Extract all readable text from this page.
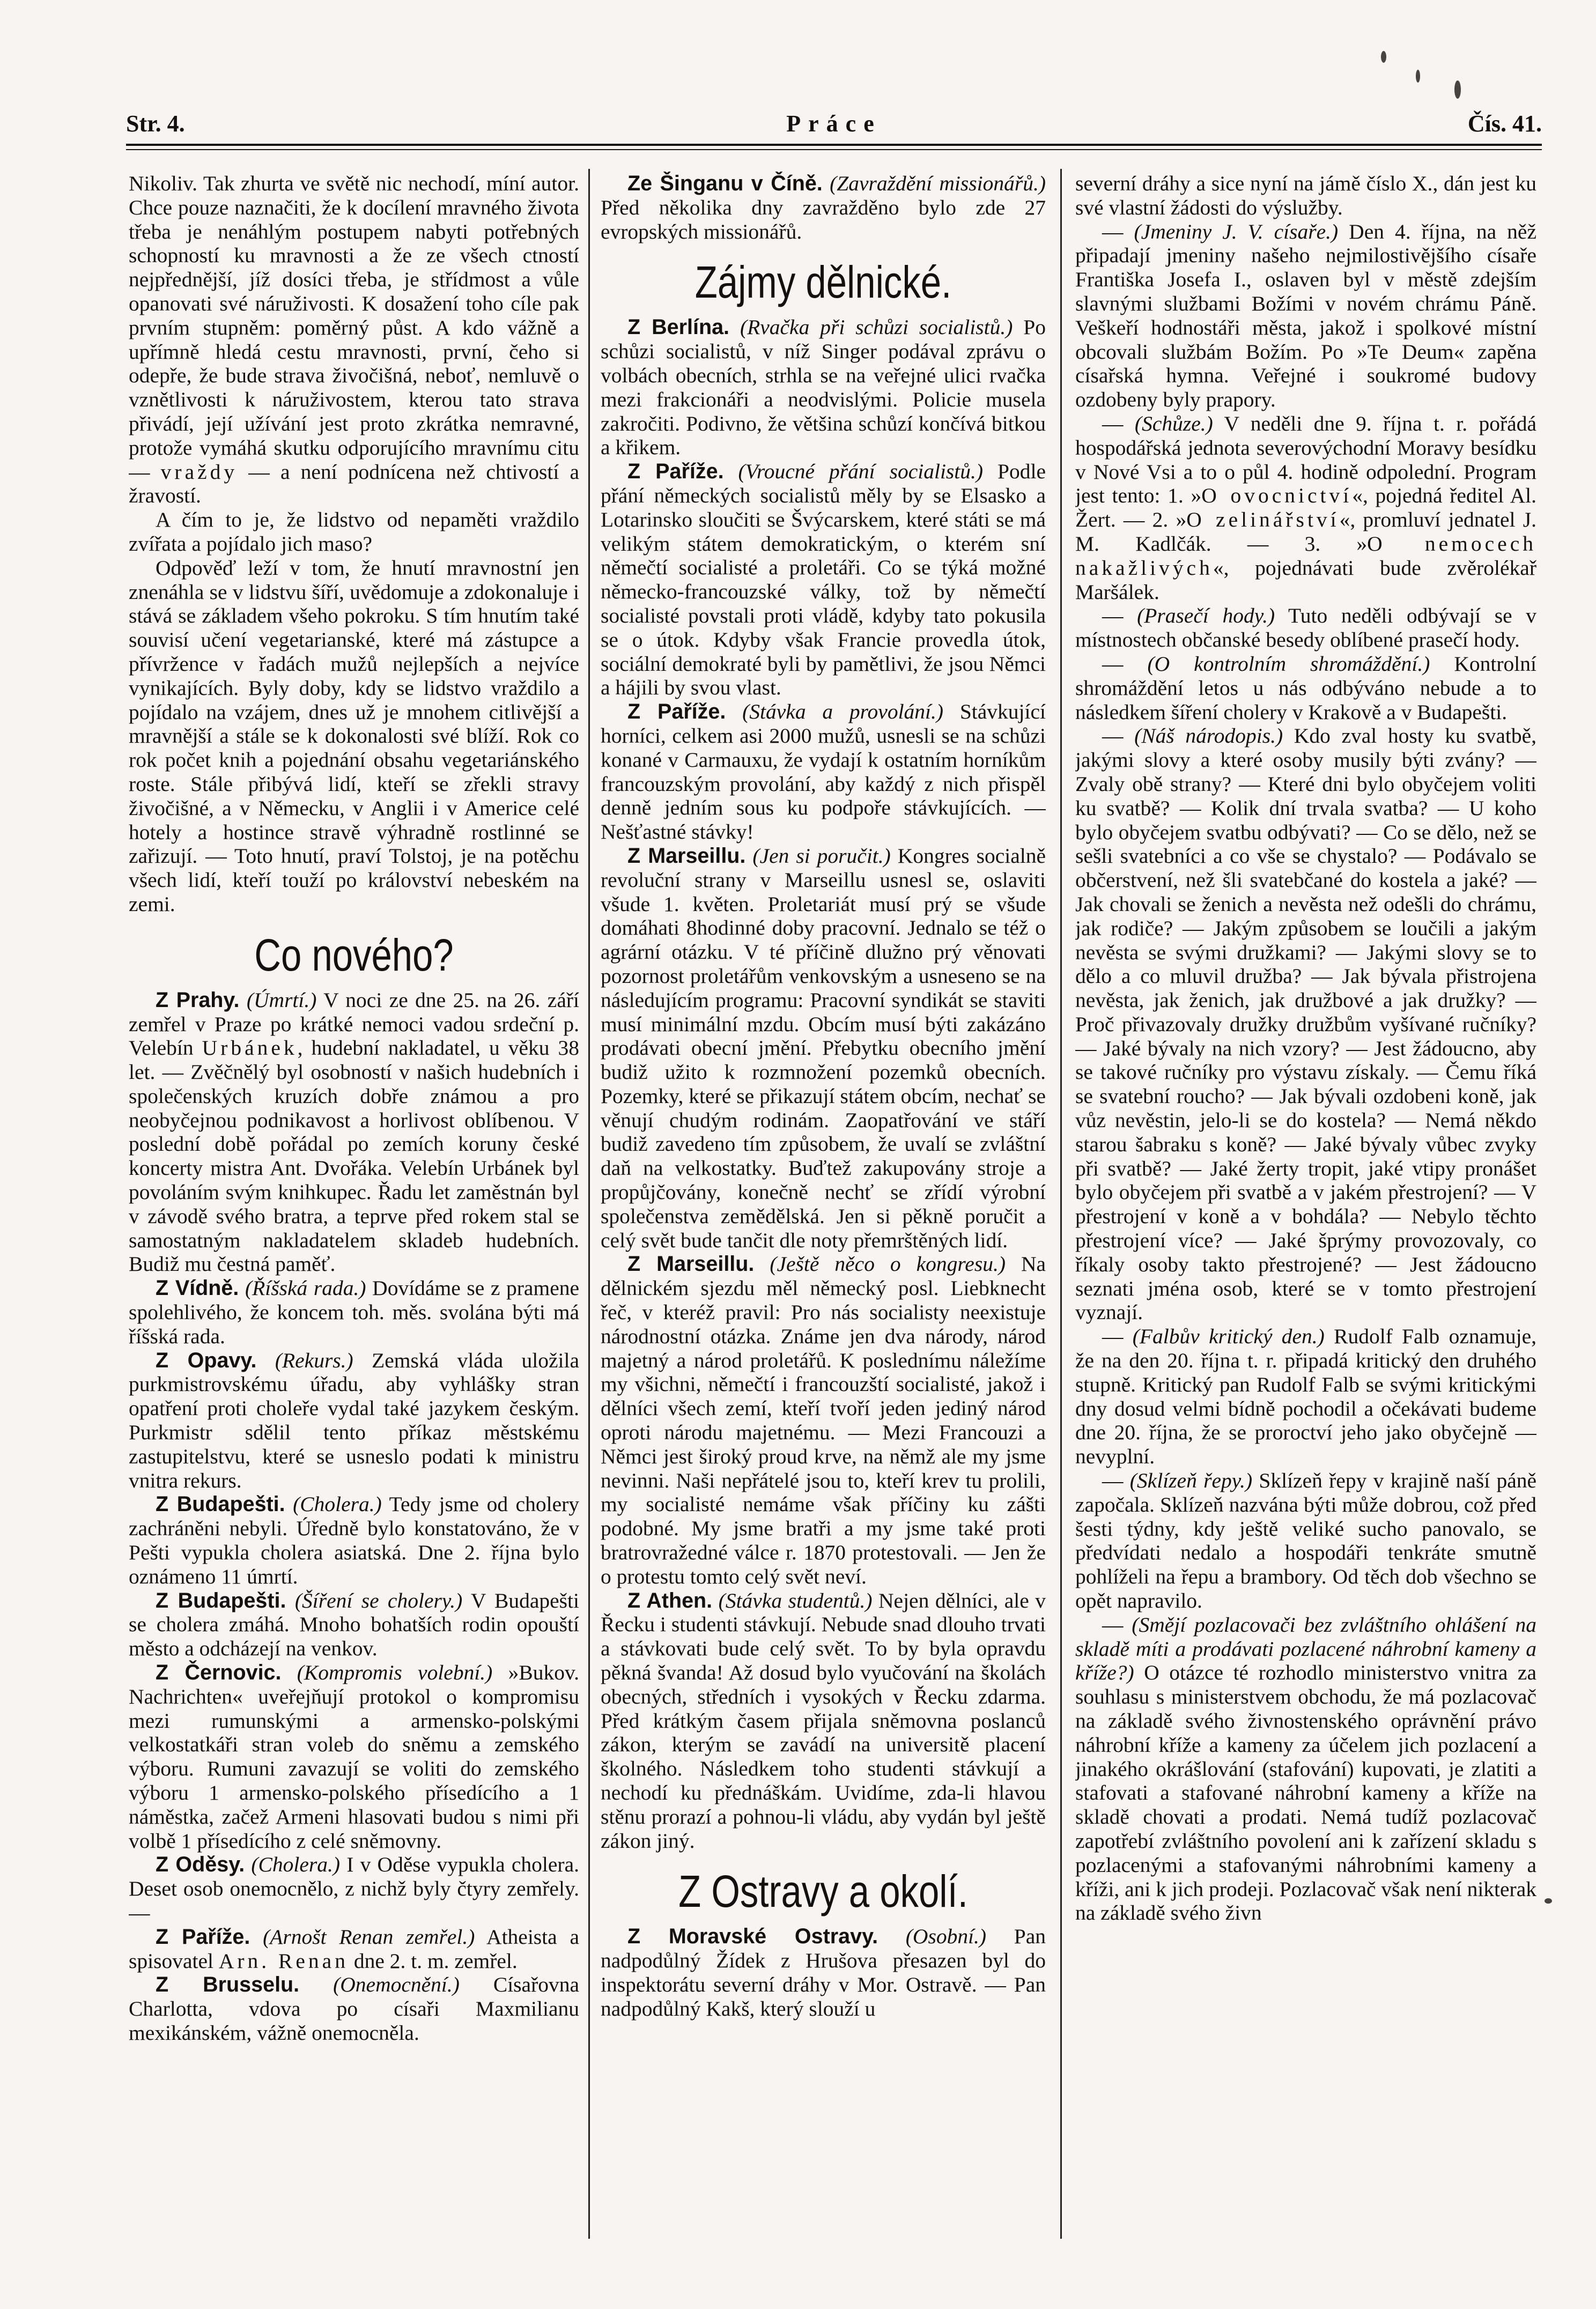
Str. 4.	Práce	Čís. 41.

Nikoliv. Tak zhurta ve světě nic nechodí, míní autor. Chce pouze naznačiti, že k docílení mravného života třeba je nenáhlým postupem nabyti potřebných schopností ku mravnosti a že ze všech ctností nejpřednější, jíž dosíci třeba, je střídmost a vůle opanovati své náruživosti. K dosažení toho cíle pak prvním stupněm: poměrný půst. A kdo vážně a upřímně hledá cestu mravnosti, první, čeho si odepře, že bude strava živočišná, neboť, nemluvě o vznětlivosti k náruživostem, kterou tato strava přivádí, její užívání jest proto zkrátka nemravné, protože vymáhá skutku odporujícího mravnímu citu — vraždy — a není podnícena než chtivostí a žravostí.

A čím to je, že lidstvo od nepaměti vraždilo zvířata a pojídalo jich maso?

Odpověď leží v tom, že hnutí mravnostní jen znenáhla se v lidstvu šíří, uvědomuje a zdokonaluje i stává se základem všeho pokroku. S tím hnutím také souvisí učení vegetarianské, které má zástupce a přívržence v řadách mužů nejlepších a nejvíce vynikajících. Byly doby, kdy se lidstvo vraždilo a pojídalo na vzájem, dnes už je mnohem citlivější a mravnější a stále se k dokonalosti své blíží. Rok co rok počet knih a pojednání obsahu vegetariánského roste. Stále přibývá lidí, kteří se zřekli stravy živočišné, a v Německu, v Anglii i v Americe celé hotely a hostince stravě výhradně rostlinné se zařizují. — Toto hnutí, praví Tolstoj, je na potěchu všech lidí, kteří touží po království nebeském na zemi.

Co nového?

Z Prahy. (Úmrtí.) V noci ze dne 25. na 26. září zemřel v Praze po krátké nemoci vadou srdeční p. Velebín Urbánek, hudební nakladatel, u věku 38 let. — Zvěčnělý byl osobností v našich hudebních i společenských kruzích dobře známou a pro neobyčejnou podnikavost a horlivost oblíbenou. V poslední době pořádal po zemích koruny české koncerty mistra Ant. Dvořáka. Velebín Urbánek byl povoláním svým knihkupec. Řadu let zaměstnán byl v závodě svého bratra, a teprve před rokem stal se samostatným nakladatelem skladeb hudebních. Budiž mu čestná paměť.

Z Vídně. (Říšská rada.) Dovídáme se z pramene spolehlivého, že koncem toh. měs. svolána býti má říšská rada.

Z Opavy. (Rekurs.) Zemská vláda uložila purkmistrovskému úřadu, aby vyhlášky stran opatření proti choleře vydal také jazykem českým. Purkmistr sdělil tento příkaz městskému zastupitelstvu, které se usneslo podati k ministru vnitra rekurs.

Z Budapešti. (Cholera.) Tedy jsme od cholery zachráněni nebyli. Úředně bylo konstatováno, že v Pešti vypukla cholera asiatská. Dne 2. října bylo oznámeno 11 úmrtí.

Z Budapešti. (Šíření se cholery.) V Budapešti se cholera zmáhá. Mnoho bohatších rodin opouští město a odcházejí na venkov.

Z Černovic. (Kompromis volební.) »Bukov. Nachrichten« uveřejňují protokol o kompromisu mezi rumunskými a armensko-polskými velkostatkáři stran voleb do sněmu a zemského výboru. Rumuni zavazují se voliti do zemského výboru 1 armensko-polského přísedícího a 1 náměstka, začež Armeni hlasovati budou s nimi při volbě 1 přísedícího z celé sněmovny.

Z Oděsy. (Cholera.) I v Oděse vypukla cholera. Deset osob onemocnělo, z nichž byly čtyry zemřely. —

Z Paříže. (Arnošt Renan zemřel.) Atheista a spisovatel Arn. Renan dne 2. t. m. zemřel.

Z Brusselu. (Onemocnění.) Císařovna Charlotta, vdova po císaři Maxmilianu mexikánském, vážně onemocněla.

Ze Šinganu v Číně. (Zavraždění missionářů.) Před několika dny zavražděno bylo zde 27 evropských missionářů.

Zájmy dělnické.

Z Berlína. (Rvačka při schůzi socialistů.) Po schůzi socialistů, v níž Singer podával zprávu o volbách obecních, strhla se na veřejné ulici rvačka mezi frakcionáři a neodvislými. Policie musela zakročiti. Podivno, že většina schůzí končívá bitkou a křikem.

Z Paříže. (Vroucné přání socialistů.) Podle přání německých socialistů měly by se Elsasko a Lotarinsko sloučiti se Švýcarskem, které státi se má velikým státem demokratickým, o kterém sní němečtí socialisté a proletáři. Co se týká možné německo-francouzské války, tož by němečtí socialisté povstali proti vládě, kdyby tato pokusila se o útok. Kdyby však Francie provedla útok, sociální demokraté byli by pamětlivi, že jsou Němci a hájili by svou vlast.

Z Paříže. (Stávka a provolání.) Stávkující horníci, celkem asi 2000 mužů, usnesli se na schůzi konané v Carmauxu, že vydají k ostatním horníkům francouzským provolání, aby každý z nich přispěl denně jedním sous ku podpoře stávkujících. — Nešťastné stávky!

Z Marseillu. (Jen si poručit.) Kongres socialně revoluční strany v Marseillu usnesl se, oslaviti všude 1. květen. Proletariát musí prý se všude domáhati 8hodinné doby pracovní. Jednalo se též o agrární otázku. V té příčině dlužno prý věnovati pozornost proletářům venkovským a usneseno se na následujícím programu: Pracovní syndikát se staviti musí minimální mzdu. Obcím musí býti zakázáno prodávati obecní jmění. Přebytku obecního jmění budiž užito k rozmnožení pozemků obecních. Pozemky, které se přikazují státem obcím, nechať se věnují chudým rodinám. Zaopatřování ve stáří budiž zavedeno tím způsobem, že uvalí se zvláštní daň na velkostatky. Buďtež zakupovány stroje a propůjčovány, konečně nechť se zřídí výrobní společenstva zemědělská. Jen si pěkně poručit a celý svět bude tančit dle noty přemrštěných lidí.

Z Marseillu. (Ještě něco o kongresu.) Na dělnickém sjezdu měl německý posl. Liebknecht řeč, v kteréž pravil: Pro nás socialisty neexistuje národnostní otázka. Známe jen dva národy, národ majetný a národ proletářů. K poslednímu náležíme my všichni, němečtí i francouzští socialisté, jakož i dělníci všech zemí, kteří tvoří jeden jediný národ oproti národu majetnému. — Mezi Francouzi a Němci jest široký proud krve, na němž ale my jsme nevinni. Naši nepřátelé jsou to, kteří krev tu prolili, my socialisté nemáme však příčiny ku zášti podobné. My jsme bratři a my jsme také proti bratrovražedné válce r. 1870 protestovali. — Jen že o protestu tomto celý svět neví.

Z Athen. (Stávka studentů.) Nejen dělníci, ale v Řecku i studenti stávkují. Nebude snad dlouho trvati a stávkovati bude celý svět. To by byla opravdu pěkná švanda! Až dosud bylo vyučování na školách obecných, středních i vysokých v Řecku zdarma. Před krátkým časem přijala sněmovna poslanců zákon, kterým se zavádí na universitě placení školného. Následkem toho studenti stávkují a nechodí ku přednáškám. Uvidíme, zda-li hlavou stěnu prorazí a pohnou-li vládu, aby vydán byl ještě zákon jiný.

Z Ostravy a okolí.

Z Moravské Ostravy. (Osobní.) Pan nadpodůlný Žídek z Hrušova přesazen byl do inspektorátu severní dráhy v Mor. Ostravě. — Pan nadpodůlný Kakš, který slouží u

severní dráhy a sice nyní na jámě číslo X., dán jest ku své vlastní žádosti do výslužby.

— (Jmeniny J. V. císaře.) Den 4. října, na něž připadají jmeniny našeho nejmilostivějšího císaře Františka Josefa I., oslaven byl v městě zdejším slavnými službami Božími v novém chrámu Páně. Veškeří hodnostáři města, jakož i spolkové místní obcovali službám Božím. Po »Te Deum« zapěna císařská hymna. Veřejné i soukromé budovy ozdobeny byly prapory.

— (Schůze.) V neděli dne 9. října t. r. pořádá hospodářská jednota severovýchodní Moravy besídku v Nové Vsi a to o půl 4. hodině odpolední. Program jest tento: 1. »O ovocnictví«, pojedná ředitel Al. Žert. — 2. »O zelinářství«, promluví jednatel J. M. Kadlčák. — 3. »O nemocech nakažlivých«, pojednávati bude zvěrolékař Maršálek.

— (Prasečí hody.) Tuto neděli odbývají se v místnostech občanské besedy oblíbené prasečí hody.

— (O kontrolním shromáždění.) Kontrolní shromáždění letos u nás odbýváno nebude a to následkem šíření cholery v Krakově a v Budapešti.

— (Náš národopis.) Kdo zval hosty ku svatbě, jakými slovy a které osoby musily býti zvány? — Zvaly obě strany? — Které dni bylo obyčejem voliti ku svatbě? — Kolik dní trvala svatba? — U koho bylo obyčejem svatbu odbývati? — Co se dělo, než se sešli svatebníci a co vše se chystalo? — Podávalo se občerstvení, než šli svatebčané do kostela a jaké? — Jak chovali se ženich a nevěsta než odešli do chrámu, jak rodiče? — Jakým způsobem se loučili a jakým nevěsta se svými družkami? — Jakými slovy se to dělo a co mluvil družba? — Jak bývala přistrojena nevěsta, jak ženich, jak družbové a jak družky? — Proč přivazovaly družky družbům vyšívané ručníky? — Jaké bývaly na nich vzory? — Jest žádoucno, aby se takové ručníky pro výstavu získaly. — Čemu říká se svatební roucho? — Jak bývali ozdobeni koně, jak vůz nevěstin, jelo-li se do kostela? — Nemá někdo starou šabraku s koně? — Jaké bývaly vůbec zvyky při svatbě? — Jaké žerty tropit, jaké vtipy pronášet bylo obyčejem při svatbě a v jakém přestrojení? — V přestrojení v koně a v bohdála? — Nebylo těchto přestrojení více? — Jaké šprýmy provozovaly, co říkaly osoby takto přestrojené? — Jest žádoucno seznati jména osob, které se v tomto přestrojení vyznají.

— (Falbův kritický den.) Rudolf Falb oznamuje, že na den 20. října t. r. připadá kritický den druhého stupně. Kritický pan Rudolf Falb se svými kritickými dny dosud velmi bídně pochodil a očekávati budeme dne 20. října, že se proroctví jeho jako obyčejně — nevyplní.

— (Sklízeň řepy.) Sklízeň řepy v krajině naší páně započala. Sklízeň nazvána býti může dobrou, což před šesti týdny, kdy ještě veliké sucho panovalo, se předvídati nedalo a hospodáři tenkráte smutně pohlíželi na řepu a brambory. Od těch dob všechno se opět napravilo.

— (Smějí pozlacovači bez zvláštního ohlášení na skladě míti a prodávati pozlacené náhrobní kameny a kříže?) O otázce té rozhodlo ministerstvo vnitra za souhlasu s ministerstvem obchodu, že má pozlacovač na základě svého živnostenského oprávnění právo náhrobní kříže a kameny za účelem jich pozlacení a jinakého okrášlování (stafování) kupovati, je zlatiti a stafovati a stafované náhrobní kameny a kříže na skladě chovati a prodati. Nemá tudíž pozlacovač zapotřebí zvláštního povolení ani k zařízení skladu s pozlacenými a stafovanými náhrobními kameny a kříži, ani k jich prodeji. Pozlacovač však není nikterak na základě svého živn
